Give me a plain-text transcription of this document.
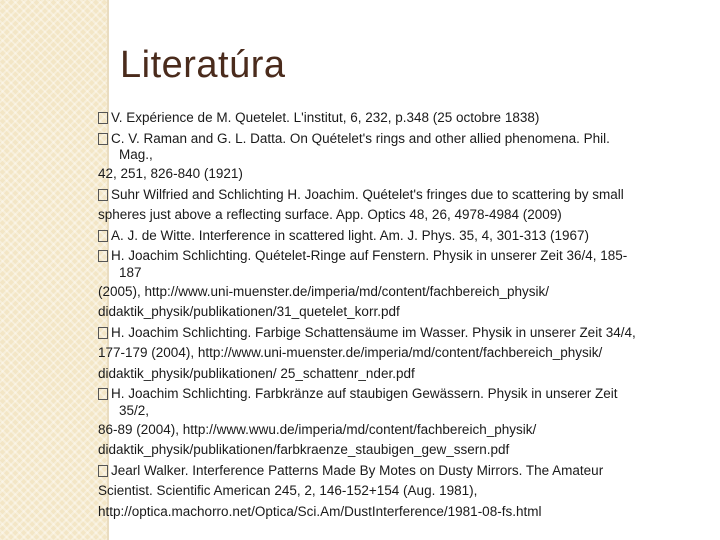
Literatúra
V. Expérience de M. Quetelet. L'institut, 6, 232, p.348 (25 octobre 1838)
C. V. Raman and G. L. Datta. On Quételet's rings and other allied phenomena. Phil.
Mag.,
42, 251, 826-840 (1921)
Suhr Wilfried and Schlichting H. Joachim. Quételet's fringes due to scattering by small
spheres just above a reflecting surface. App. Optics 48, 26, 4978-4984 (2009)
A. J. de Witte. Interference in scattered light. Am. J. Phys. 35, 4, 301-313 (1967)
H. Joachim Schlichting. Quételet-Ringe auf Fenstern. Physik in unserer Zeit 36/4, 185-
187
(2005), http://www.uni-muenster.de/imperia/md/content/fachbereich_physik/
didaktik_physik/publikationen/31_quetelet_korr.pdf
H. Joachim Schlichting. Farbige Schattensäume im Wasser. Physik in unserer Zeit 34/4,
177-179 (2004), http://www.uni-muenster.de/imperia/md/content/fachbereich_physik/
didaktik_physik/publikationen/ 25_schattenr_nder.pdf
H. Joachim Schlichting. Farbkränze auf staubigen Gewässern. Physik in unserer Zeit
35/2,
86-89 (2004), http://www.wwu.de/imperia/md/content/fachbereich_physik/
didaktik_physik/publikationen/farbkraenze_staubigen_gew_ssern.pdf
Jearl Walker. Interference Patterns Made By Motes on Dusty Mirrors. The Amateur
Scientist. Scientific American 245, 2, 146-152+154 (Aug. 1981),
http://optica.machorro.net/Optica/Sci.Am/DustInterference/1981-08-fs.html
